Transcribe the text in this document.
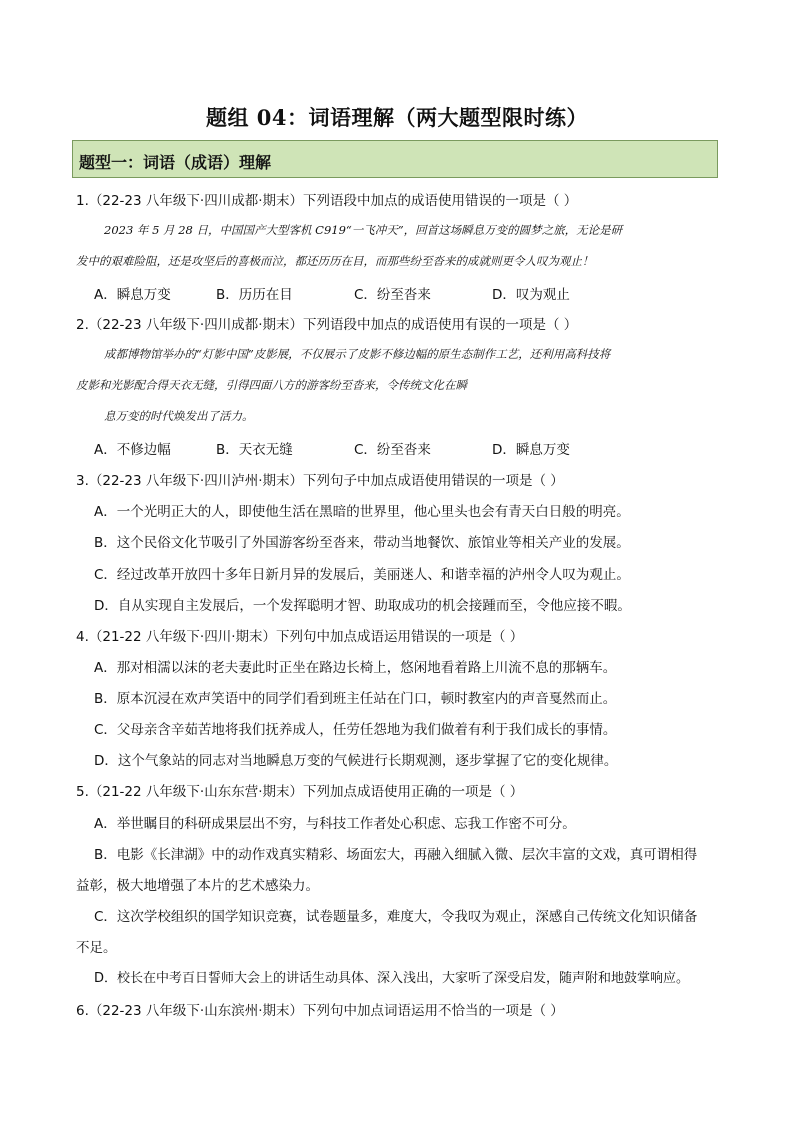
题组 04：词语理解（两大题型限时练）
题型一：词语（成语）理解
1.（22-23 八年级下·四川成都·期末）下列语段中加点的成语使用错误的一项是（ ）
2023 年 5 月 28 日，中国国产大型客机 C919“一飞冲天”，回首这场瞬息万变的圆梦之旅，无论是研
发中的艰难险阻，还是攻坚后的喜极而泣，都还历历在目，而那些纷至沓来的成就则更令人叹为观止！
A．瞬息万变	B．历历在目	C．纷至沓来	D．叹为观止
2.（22-23 八年级下·四川成都·期末）下列语段中加点的成语使用有误的一项是（ ）
成都博物馆举办的“灯影中国”皮影展，不仅展示了皮影不修边幅的原生态制作工艺，还利用高科技将
皮影和光影配合得天衣无缝，引得四面八方的游客纷至沓来，令传统文化在瞬
息万变的时代焕发出了活力。
A．不修边幅	B．天衣无缝	C．纷至沓来	D．瞬息万变
3.（22-23 八年级下·四川泸州·期末）下列句子中加点成语使用错误的一项是（ ）
A．一个光明正大的人，即使他生活在黑暗的世界里，他心里头也会有青天白日般的明亮。
B．这个民俗文化节吸引了外国游客纷至沓来，带动当地餐饮、旅馆业等相关产业的发展。
C．经过改革开放四十多年日新月异的发展后，美丽迷人、和谐幸福的泸州令人叹为观止。
D．自从实现自主发展后，一个发挥聪明才智、助取成功的机会接踵而至，令他应接不暇。
4.（21-22 八年级下·四川·期末）下列句中加点成语运用错误的一项是（ ）
A．那对相濡以沫的老夫妻此时正坐在路边长椅上，悠闲地看着路上川流不息的那辆车。
B．原本沉浸在欢声笑语中的同学们看到班主任站在门口，顿时教室内的声音戛然而止。
C．父母亲含辛茹苦地将我们抚养成人，任劳任怨地为我们做着有利于我们成长的事情。
D．这个气象站的同志对当地瞬息万变的气候进行长期观测，逐步掌握了它的变化规律。
5.（21-22 八年级下·山东东营·期末）下列加点成语使用正确的一项是（ ）
A．举世瞩目的科研成果层出不穷，与科技工作者处心积虑、忘我工作密不可分。
B．电影《长津湖》中的动作戏真实精彩、场面宏大，再融入细腻入微、层次丰富的文戏，真可谓相得
益彰，极大地增强了本片的艺术感染力。
C．这次学校组织的国学知识竞赛，试卷题量多，难度大，令我叹为观止，深感自己传统文化知识储备
不足。
D．校长在中考百日誓师大会上的讲话生动具体、深入浅出，大家听了深受启发，随声附和地鼓掌响应。
6.（22-23 八年级下·山东滨州·期末）下列句中加点词语运用不恰当的一项是（ ）
